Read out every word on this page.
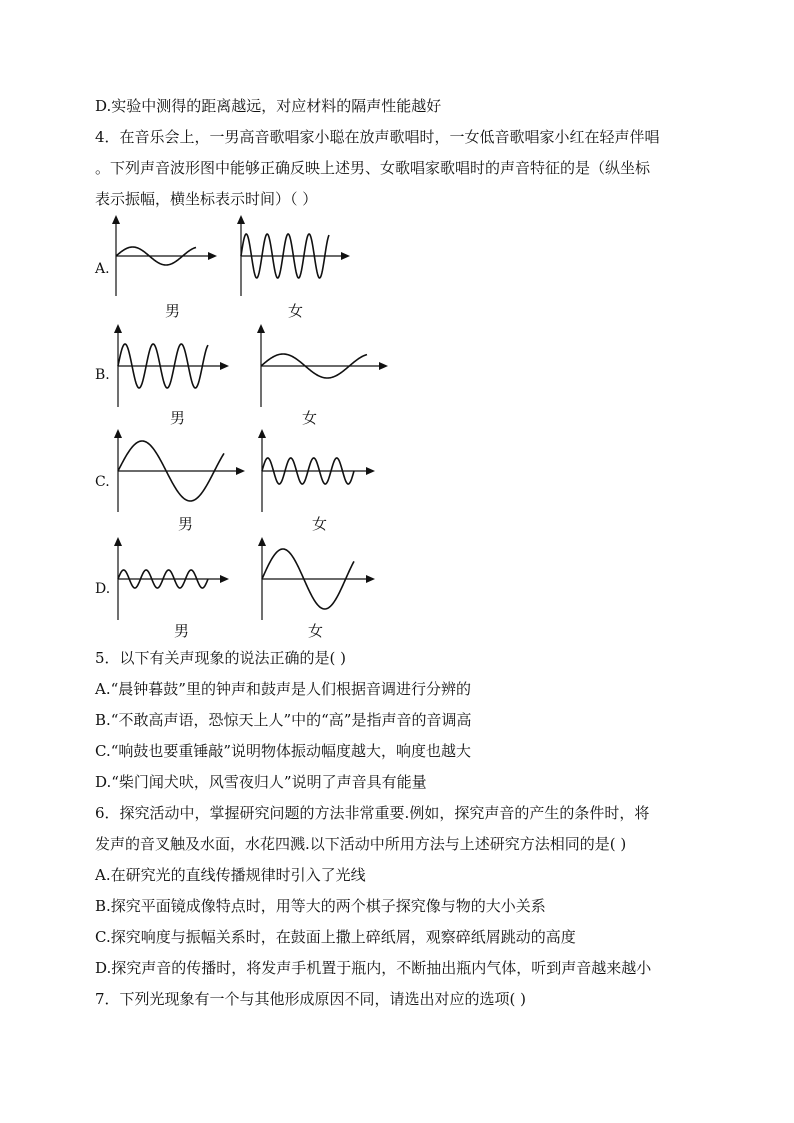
D.实验中测得的距离越远，对应材料的隔声性能越好
4．在音乐会上，一男高音歌唱家小聪在放声歌唱时，一女低音歌唱家小红在轻声伴唱
。下列声音波形图中能够正确反映上述男、女歌唱家歌唱时的声音特征的是（纵坐标
表示振幅，横坐标表示时间）（ ）
A.
男	女
B.
男	女
C.
男	女
D.
男	女
5．以下有关声现象的说法正确的是( )
A.“晨钟暮鼓”里的钟声和鼓声是人们根据音调进行分辨的
B.“不敢高声语，恐惊天上人”中的“高”是指声音的音调高
C.“响鼓也要重锤敲”说明物体振动幅度越大，响度也越大
D.“柴门闻犬吠，风雪夜归人”说明了声音具有能量
6．探究活动中，掌握研究问题的方法非常重要.例如，探究声音的产生的条件时，将
发声的音叉触及水面，水花四溅.以下活动中所用方法与上述研究方法相同的是( )
A.在研究光的直线传播规律时引入了光线
B.探究平面镜成像特点时，用等大的两个棋子探究像与物的大小关系
C.探究响度与振幅关系时，在鼓面上撒上碎纸屑，观察碎纸屑跳动的高度
D.探究声音的传播时，将发声手机置于瓶内，不断抽出瓶内气体，听到声音越来越小
7．下列光现象有一个与其他形成原因不同，请选出对应的选项( )
